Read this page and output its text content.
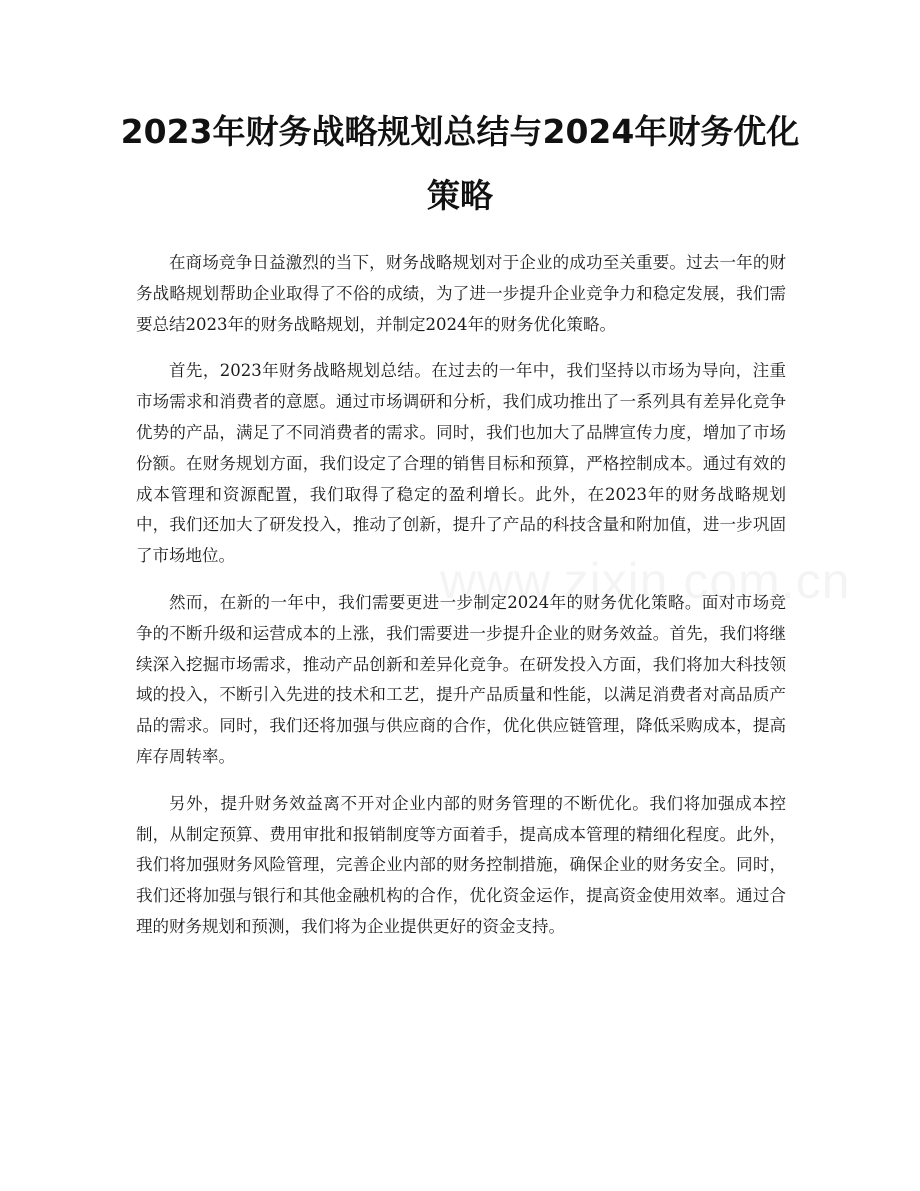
2023年财务战略规划总结与2024年财务优化策略

在商场竞争日益激烈的当下，财务战略规划对于企业的成功至关重要。过去一年的财务战略规划帮助企业取得了不俗的成绩，为了进一步提升企业竞争力和稳定发展，我们需要总结2023年的财务战略规划，并制定2024年的财务优化策略。

首先，2023年财务战略规划总结。在过去的一年中，我们坚持以市场为导向，注重市场需求和消费者的意愿。通过市场调研和分析，我们成功推出了一系列具有差异化竞争优势的产品，满足了不同消费者的需求。同时，我们也加大了品牌宣传力度，增加了市场份额。在财务规划方面，我们设定了合理的销售目标和预算，严格控制成本。通过有效的成本管理和资源配置，我们取得了稳定的盈利增长。此外，在2023年的财务战略规划中，我们还加大了研发投入，推动了创新，提升了产品的科技含量和附加值，进一步巩固了市场地位。

然而，在新的一年中，我们需要更进一步制定2024年的财务优化策略。面对市场竞争的不断升级和运营成本的上涨，我们需要进一步提升企业的财务效益。首先，我们将继续深入挖掘市场需求，推动产品创新和差异化竞争。在研发投入方面，我们将加大科技领域的投入，不断引入先进的技术和工艺，提升产品质量和性能，以满足消费者对高品质产品的需求。同时，我们还将加强与供应商的合作，优化供应链管理，降低采购成本，提高库存周转率。

另外，提升财务效益离不开对企业内部的财务管理的不断优化。我们将加强成本控制，从制定预算、费用审批和报销制度等方面着手，提高成本管理的精细化程度。此外，我们将加强财务风险管理，完善企业内部的财务控制措施，确保企业的财务安全。同时，我们还将加强与银行和其他金融机构的合作，优化资金运作，提高资金使用效率。通过合理的财务规划和预测，我们将为企业提供更好的资金支持。
